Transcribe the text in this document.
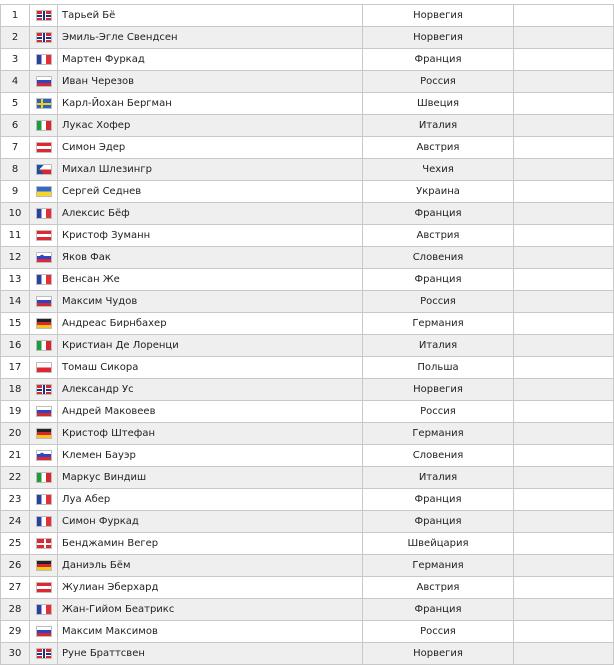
1		Тарьей Бё	Норвегия	
2		Эмиль-Эгле Свендсен	Норвегия	
3		Мартен Фуркад	Франция	
4		Иван Черезов	Россия	
5		Карл-Йохан Бергман	Швеция	
6		Лукас Хофер	Италия	
7		Симон Эдер	Австрия	
8		Михал Шлезингр	Чехия	
9		Сергей Седнев	Украина	
10		Алексис Бёф	Франция	
11		Кристоф Зуманн	Австрия	
12		Яков Фак	Словения	
13		Венсан Же	Франция	
14		Максим Чудов	Россия	
15		Андреас Бирнбахер	Германия	
16		Кристиан Де Лоренци	Италия	
17		Томаш Сикора	Польша	
18		Александр Ус	Норвегия	
19		Андрей Маковеев	Россия	
20		Кристоф Штефан	Германия	
21		Клемен Бауэр	Словения	
22		Маркус Виндиш	Италия	
23		Луа Абер	Франция	
24		Симон Фуркад	Франция	
25		Бенджамин Вегер	Швейцария	
26		Даниэль Бём	Германия	
27		Жулиан Эберхард	Австрия	
28		Жан-Гийом Беатрикс	Франция	
29		Максим Максимов	Россия	
30		Руне Браттсвен	Норвегия	
